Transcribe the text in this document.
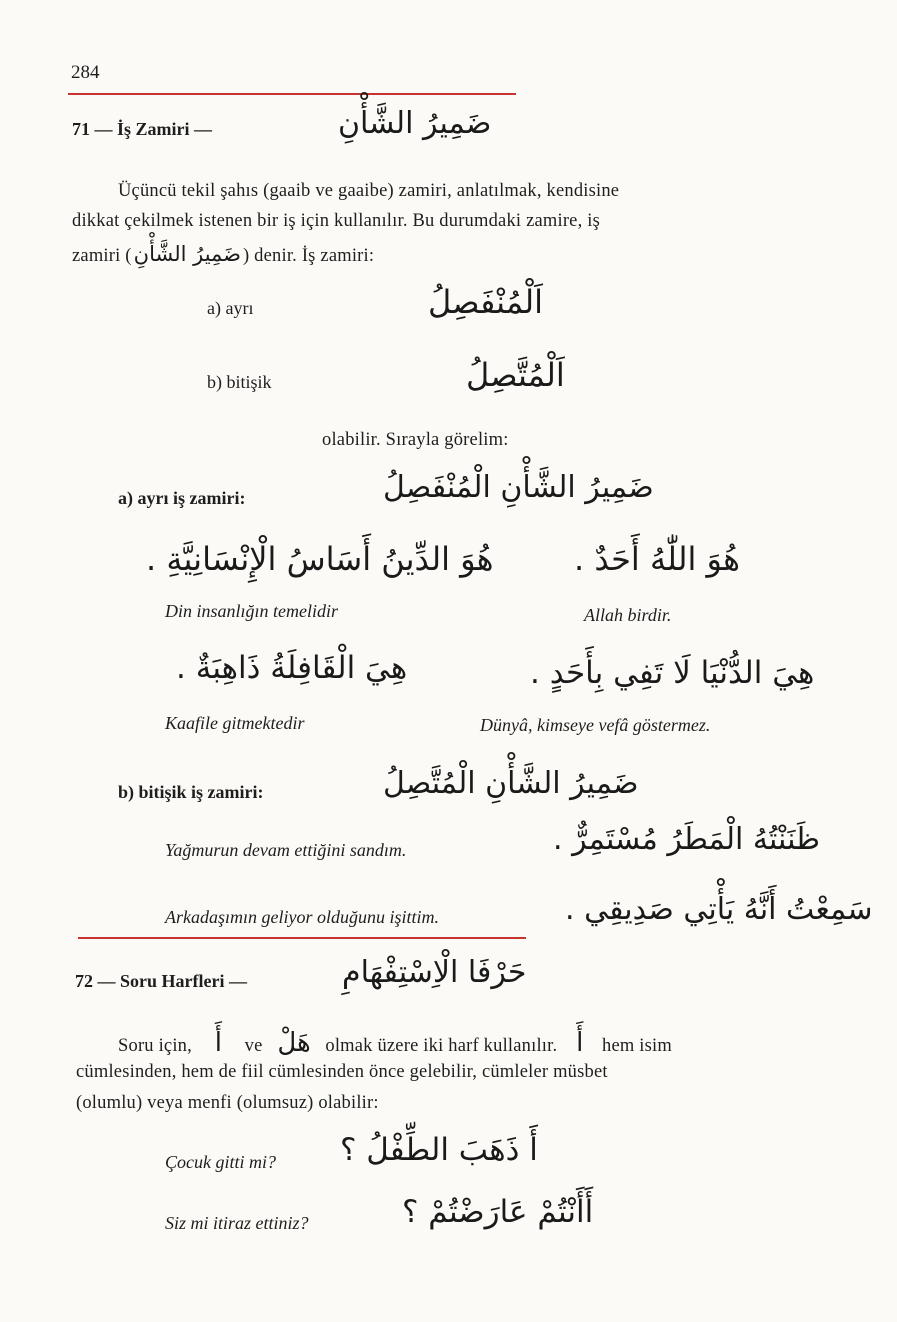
284
71 — İş Zamiri —	ضَمِيرُ الشَّأْنِ
Üçüncü tekil şahıs (gaaib ve gaaibe) zamiri, anlatılmak, kendisine
dikkat çekilmek istenen bir iş için kullanılır. Bu durumdaki zamire, iş
zamiri (ضَمِيرُ الشَّأْنِ ) denir. İş zamiri:
a) ayrı	اَلْمُنْفَصِلُ
b) bitişik	اَلْمُتَّصِلُ
olabilir. Sırayla görelim:
a) ayrı iş zamiri:	ضَمِيرُ الشَّأْنِ الْمُنْفَصِلُ
هُوَ اللّٰهُ أَحَدٌ .
Allah birdir.
هُوَ الدِّينُ أَسَاسُ الْإِنْسَانِيَّةِ .
Din insanlığın temelidir
هِيَ الدُّنْيَا لَا تَفِي بِأَحَدٍ .
Dünyâ, kimseye vefâ göstermez.
هِيَ الْقَافِلَةُ ذَاهِبَةٌ .
Kaafile gitmektedir
b) bitişik iş zamiri:	ضَمِيرُ الشَّأْنِ الْمُتَّصِلُ
Yağmurun devam ettiğini sandım.	ظَنَنْتُهُ الْمَطَرُ مُسْتَمِرٌّ .
Arkadaşımın geliyor olduğunu işittim.	سَمِعْتُ أَنَّهُ يَأْتِي صَدِيقِي .
72 — Soru Harfleri —	حَرْفَا الْاِسْتِفْهَامِ
Soru için, أَ ve هَلْ olmak üzere iki harf kullanılır. أَ hem isim
cümlesinden, hem de fiil cümlesinden önce gelebilir, cümleler müsbet
(olumlu) veya menfi (olumsuz) olabilir:
Çocuk gitti mi? أَ ذَهَبَ الطِّفْلُ ؟
Siz mi itiraz ettiniz?	أَأَنْتُمْ عَارَضْتُمْ ؟
